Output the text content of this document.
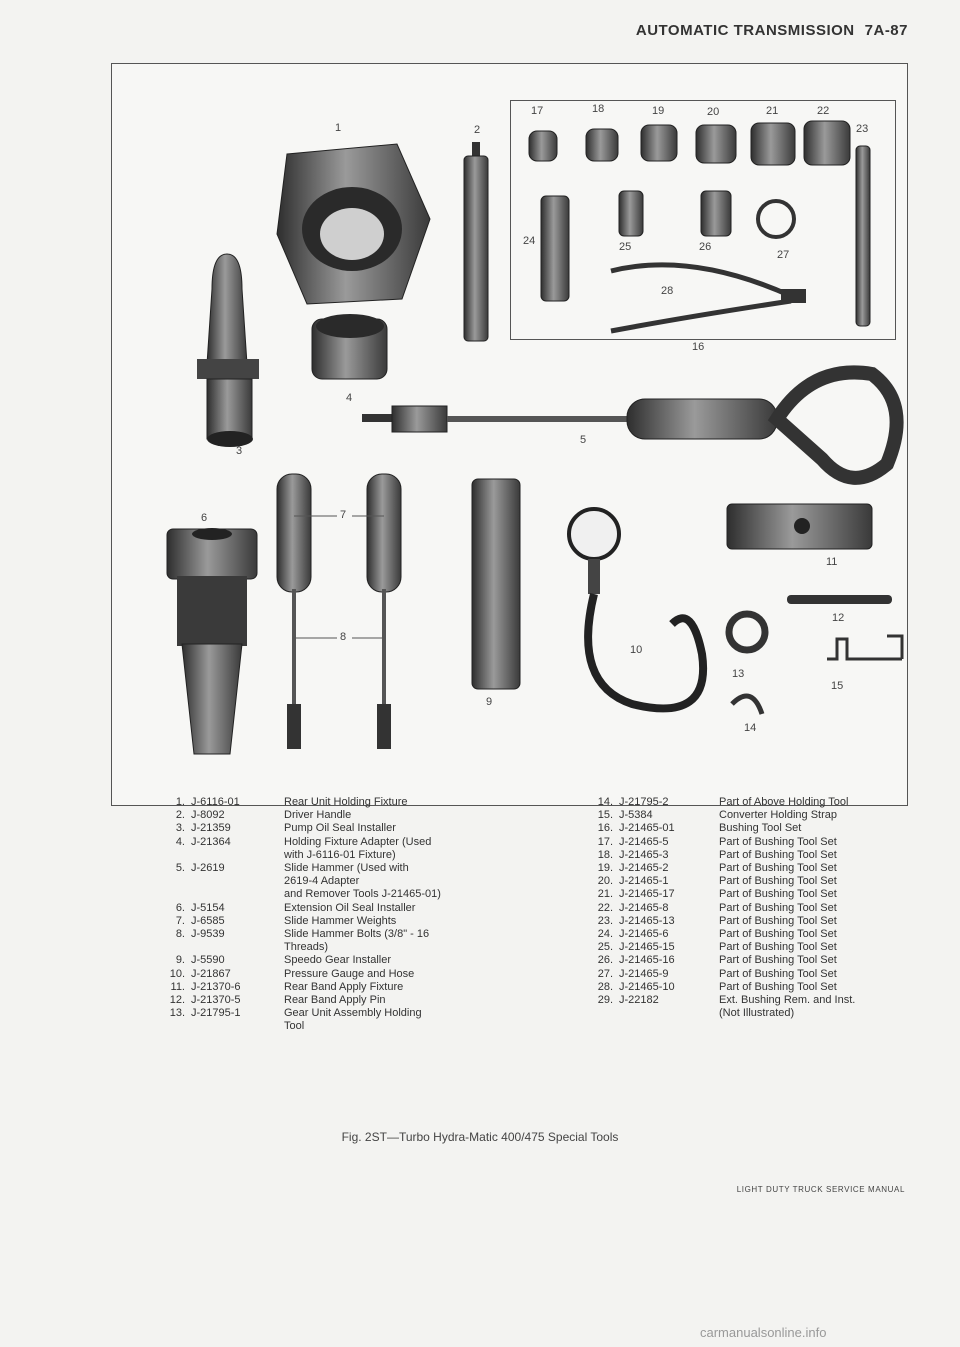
AUTOMATIC TRANSMISSION 7A-87
17	18	19	20	21	22
23
24	25	26
27
28
1	2
3
4
5
6	7
8
9
10
11
12
13
14
15
16
1. J-6116-01	Rear Unit Holding Fixture
2. J-8092	Driver Handle
3. J-21359	Pump Oil Seal Installer
4. J-21364	Holding Fixture Adapter (Used
with J-6116-01 Fixture)
5. J-2619	Slide Hammer (Used with
2619-4 Adapter
and Remover Tools J-21465-01)
6. J-5154	Extension Oil Seal Installer
7. J-6585	Slide Hammer Weights
8. J-9539	Slide Hammer Bolts (3/8" - 16
Threads)
9. J-5590	Speedo Gear Installer
10. J-21867	Pressure Gauge and Hose
11. J-21370-6	Rear Band Apply Fixture
12. J-21370-5	Rear Band Apply Pin
13. J-21795-1	Gear Unit Assembly Holding
Tool
14. J-21795-2	Part of Above Holding Tool
15. J-5384	Converter Holding Strap
16. J-21465-01	Bushing Tool Set
17. J-21465-5	Part of Bushing Tool Set
18. J-21465-3	Part of Bushing Tool Set
19. J-21465-2	Part of Bushing Tool Set
20. J-21465-1	Part of Bushing Tool Set
21. J-21465-17	Part of Bushing Tool Set
22. J-21465-8	Part of Bushing Tool Set
23. J-21465-13	Part of Bushing Tool Set
24. J-21465-6	Part of Bushing Tool Set
25. J-21465-15	Part of Bushing Tool Set
26. J-21465-16	Part of Bushing Tool Set
27. J-21465-9	Part of Bushing Tool Set
28. J-21465-10	Part of Bushing Tool Set
29. J-22182	Ext. Bushing Rem. and Inst.
(Not Illustrated)
Fig. 2ST—Turbo Hydra-Matic 400/475 Special Tools
LIGHT DUTY TRUCK SERVICE MANUAL
carmanualsonline.info
